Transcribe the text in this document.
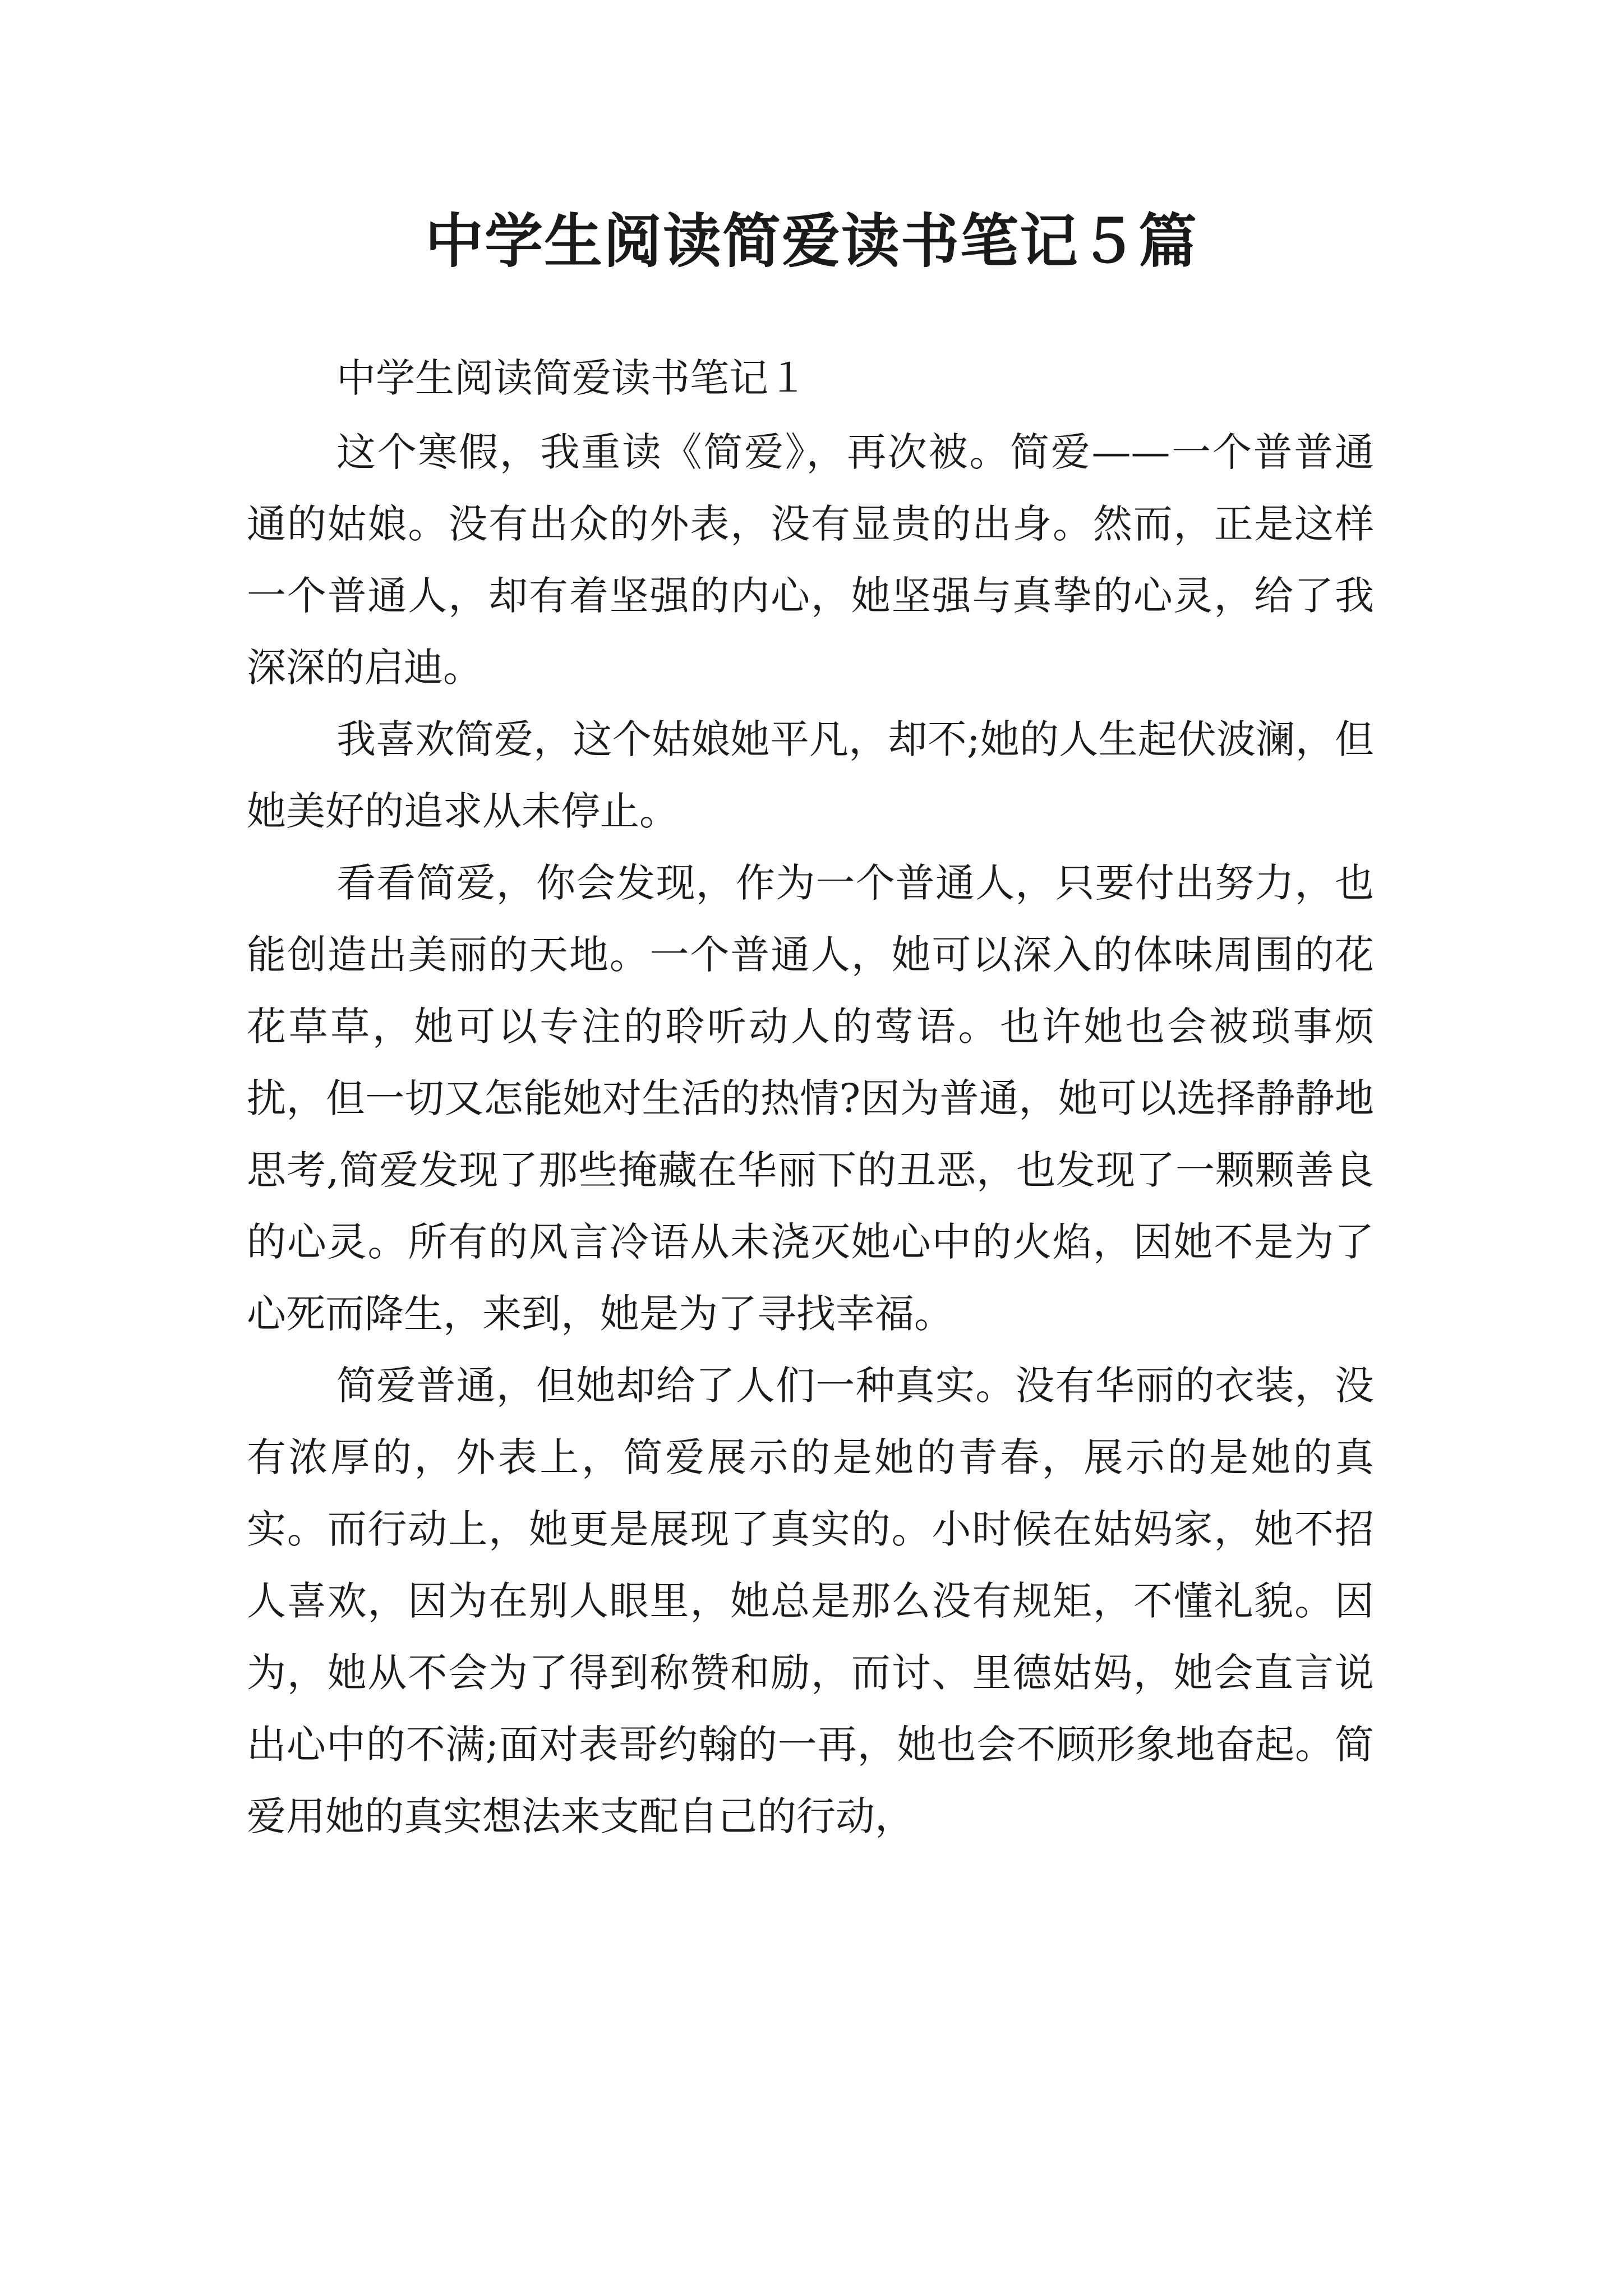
中学生阅读简爱读书笔记５篇

中学生阅读简爱读书笔记１

这个寒假，我重读《简爱》，再次被。简爱——一个普普通通的姑娘。没有出众的外表，没有显贵的出身。然而，正是这样一个普通人，却有着坚强的内心，她坚强与真挚的心灵，给了我深深的启迪。

我喜欢简爱，这个姑娘她平凡，却不;她的人生起伏波澜，但她美好的追求从未停止。

看看简爱，你会发现，作为一个普通人，只要付出努力，也能创造出美丽的天地。一个普通人，她可以深入的体味周围的花花草草，她可以专注的聆听动人的莺语。也许她也会被琐事烦扰，但一切又怎能她对生活的热情?因为普通，她可以选择静静地思考,简爱发现了那些掩藏在华丽下的丑恶，也发现了一颗颗善良的心灵。所有的风言冷语从未浇灭她心中的火焰，因她不是为了心死而降生，来到，她是为了寻找幸福。

简爱普通，但她却给了人们一种真实。没有华丽的衣装，没有浓厚的，外表上，简爱展示的是她的青春，展示的是她的真实。而行动上，她更是展现了真实的。小时候在姑妈家，她不招人喜欢，因为在别人眼里，她总是那么没有规矩，不懂礼貌。因为，她从不会为了得到称赞和励，而讨、里德姑妈，她会直言说出心中的不满;面对表哥约翰的一再，她也会不顾形象地奋起。简爱用她的真实想法来支配自己的行动，
